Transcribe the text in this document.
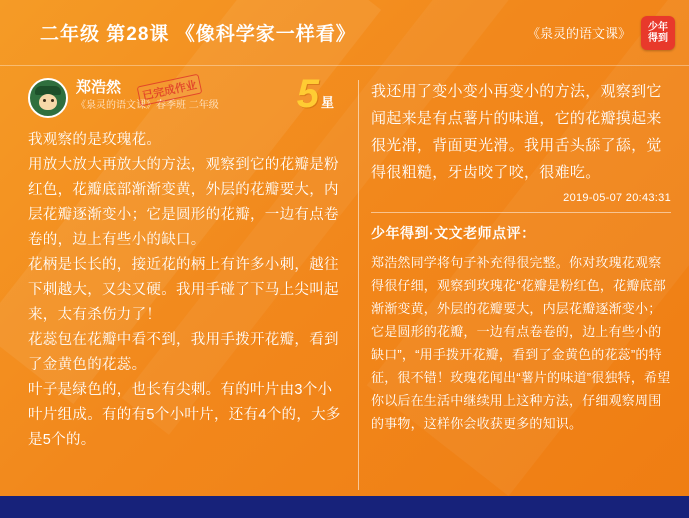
二年级 第28课 《像科学家一样看》	《泉灵的语文课》 少年
得到
郑浩然
《泉灵的语文课》春季班 二年级
已完成作业 5 星

我观察的是玫瑰花。

用放大放大再放大的方法，观察到它的花瓣是粉红色，花瓣底部渐渐变黄，外层的花瓣要大，内层花瓣逐渐变小；它是圆形的花瓣，一边有点卷卷的，边上有些小的缺口。

花柄是长长的，接近花的柄上有许多小刺，越往下刺越大，又尖又硬。我用手碰了下马上尖叫起来，太有杀伤力了！

花蕊包在花瓣中看不到，我用手拨开花瓣，看到了金黄色的花蕊。

叶子是绿色的，也长有尖刺。有的叶片由3个小叶片组成。有的有5个小叶片，还有4个的，大多是5个的。

我还用了变小变小再变小的方法，观察到它闻起来是有点薯片的味道，它的花瓣摸起来很光滑，背面更光滑。我用舌头舔了舔，觉得很粗糙，牙齿咬了咬，很难吃。

2019-05-07 20:43:31
少年得到·文文老师点评：

郑浩然同学将句子补充得很完整。你对玫瑰花观察得很仔细，观察到玫瑰花“花瓣是粉红色，花瓣底部渐渐变黄，外层的花瓣要大，内层花瓣逐渐变小；它是圆形的花瓣，一边有点卷卷的，边上有些小的缺口”，“用手拨开花瓣，看到了金黄色的花蕊”的特征，很不错！玫瑰花闻出“薯片的味道”很独特，希望你以后在生活中继续用上这种方法，仔细观察周围的事物，这样你会收获更多的知识。
